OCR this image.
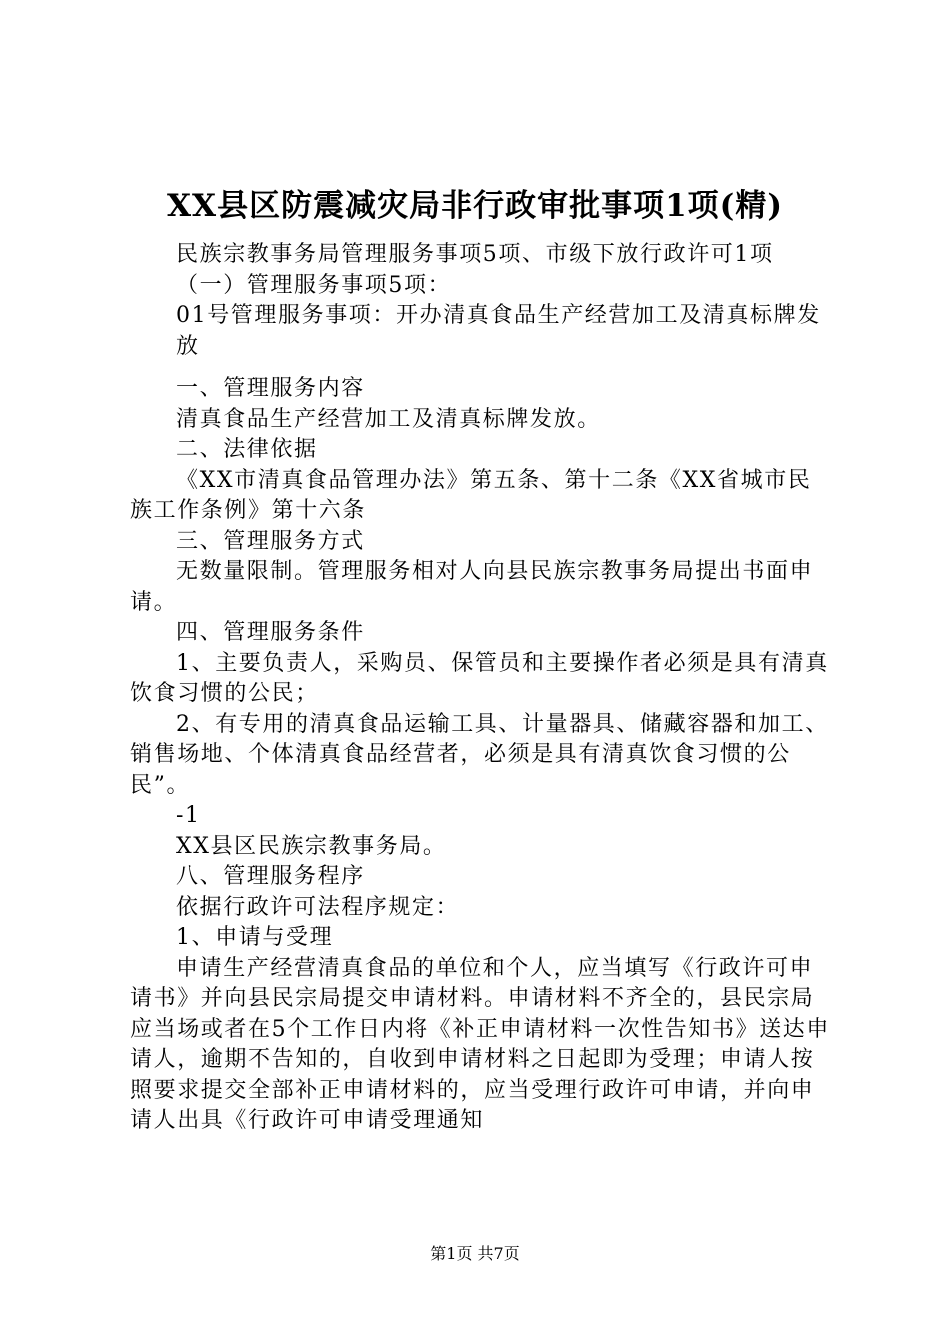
XX县区防震减灾局非行政审批事项1项(精)

民族宗教事务局管理服务事项5项、市级下放行政许可1项

（一）管理服务事项5项：

01号管理服务事项：开办清真食品生产经营加工及清真标牌发放

一、管理服务内容

清真食品生产经营加工及清真标牌发放。

二、法律依据

《XX市清真食品管理办法》第五条、第十二条《XX省城市民族工作条例》第十六条

三、管理服务方式

无数量限制。管理服务相对人向县民族宗教事务局提出书面申请。

四、管理服务条件

1、主要负责人，采购员、保管员和主要操作者必须是具有清真饮食习惯的公民；

2、有专用的清真食品运输工具、计量器具、储藏容器和加工、销售场地、个体清真食品经营者，必须是具有清真饮食习惯的公民”。

-1

XX县区民族宗教事务局。

八、管理服务程序

依据行政许可法程序规定：

1、申请与受理

申请生产经营清真食品的单位和个人，应当填写《行政许可申请书》并向县民宗局提交申请材料。申请材料不齐全的，县民宗局应当场或者在5个工作日内将《补正申请材料一次性告知书》送达申请人，逾期不告知的，自收到申请材料之日起即为受理；申请人按照要求提交全部补正申请材料的，应当受理行政许可申请，并向申请人出具《行政许可申请受理通知

第1页 共7页
